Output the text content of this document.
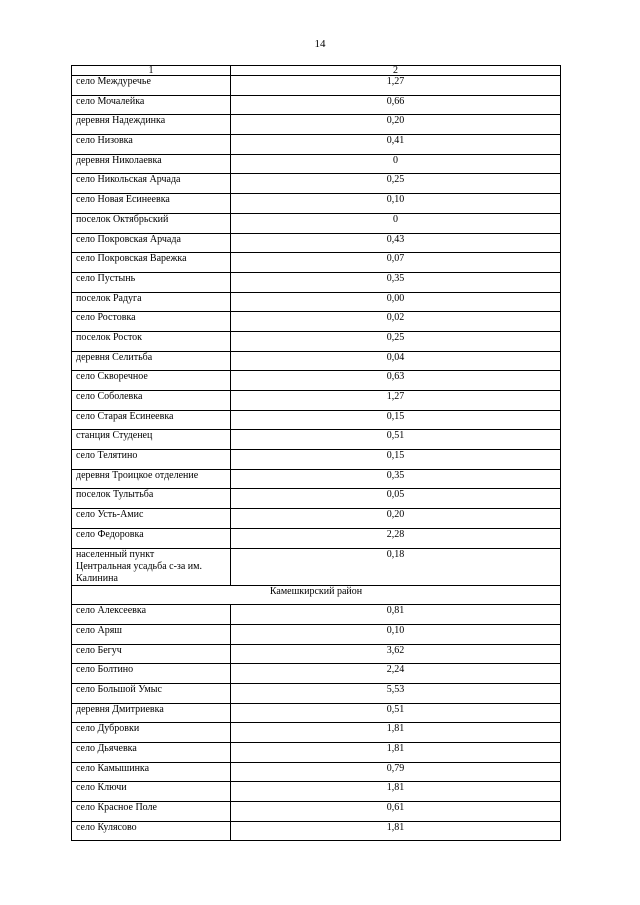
14
1	2
село Междуречье	1,27
село Мочалейка	0,66
деревня Надеждинка	0,20
село Низовка	0,41
деревня Николаевка	0
село Никольская Арчада	0,25
село Новая Есинеевка	0,10
поселок Октябрьский	0
село Покровская Арчада	0,43
село Покровская Варежка	0,07
село Пустынь	0,35
поселок Радуга	0,00
село Ростовка	0,02
поселок Росток	0,25
деревня Селитьба	0,04
село Скворечное	0,63
село Соболевка	1,27
село Старая Есинеевка	0,15
станция Студенец	0,51
село Телятино	0,15
деревня Троицкое отделение	0,35
поселок Тулытьба	0,05
село Усть-Амис	0,20
село Федоровка	2,28

населенный пункт
Центральная усадьба с-за им.
Калинина	0,18
Камешкирский район	
село Алексеевка	0,81
село Аряш	0,10
село Бегуч	3,62
село Болтино	2,24
село Большой Умыс	5,53
деревня Дмитриевка	0,51
село Дубровки	1,81
село Дьячевка	1,81
село Камышинка	0,79
село Ключи	1,81
село Красное Поле	0,61
село Кулясово	1,81
